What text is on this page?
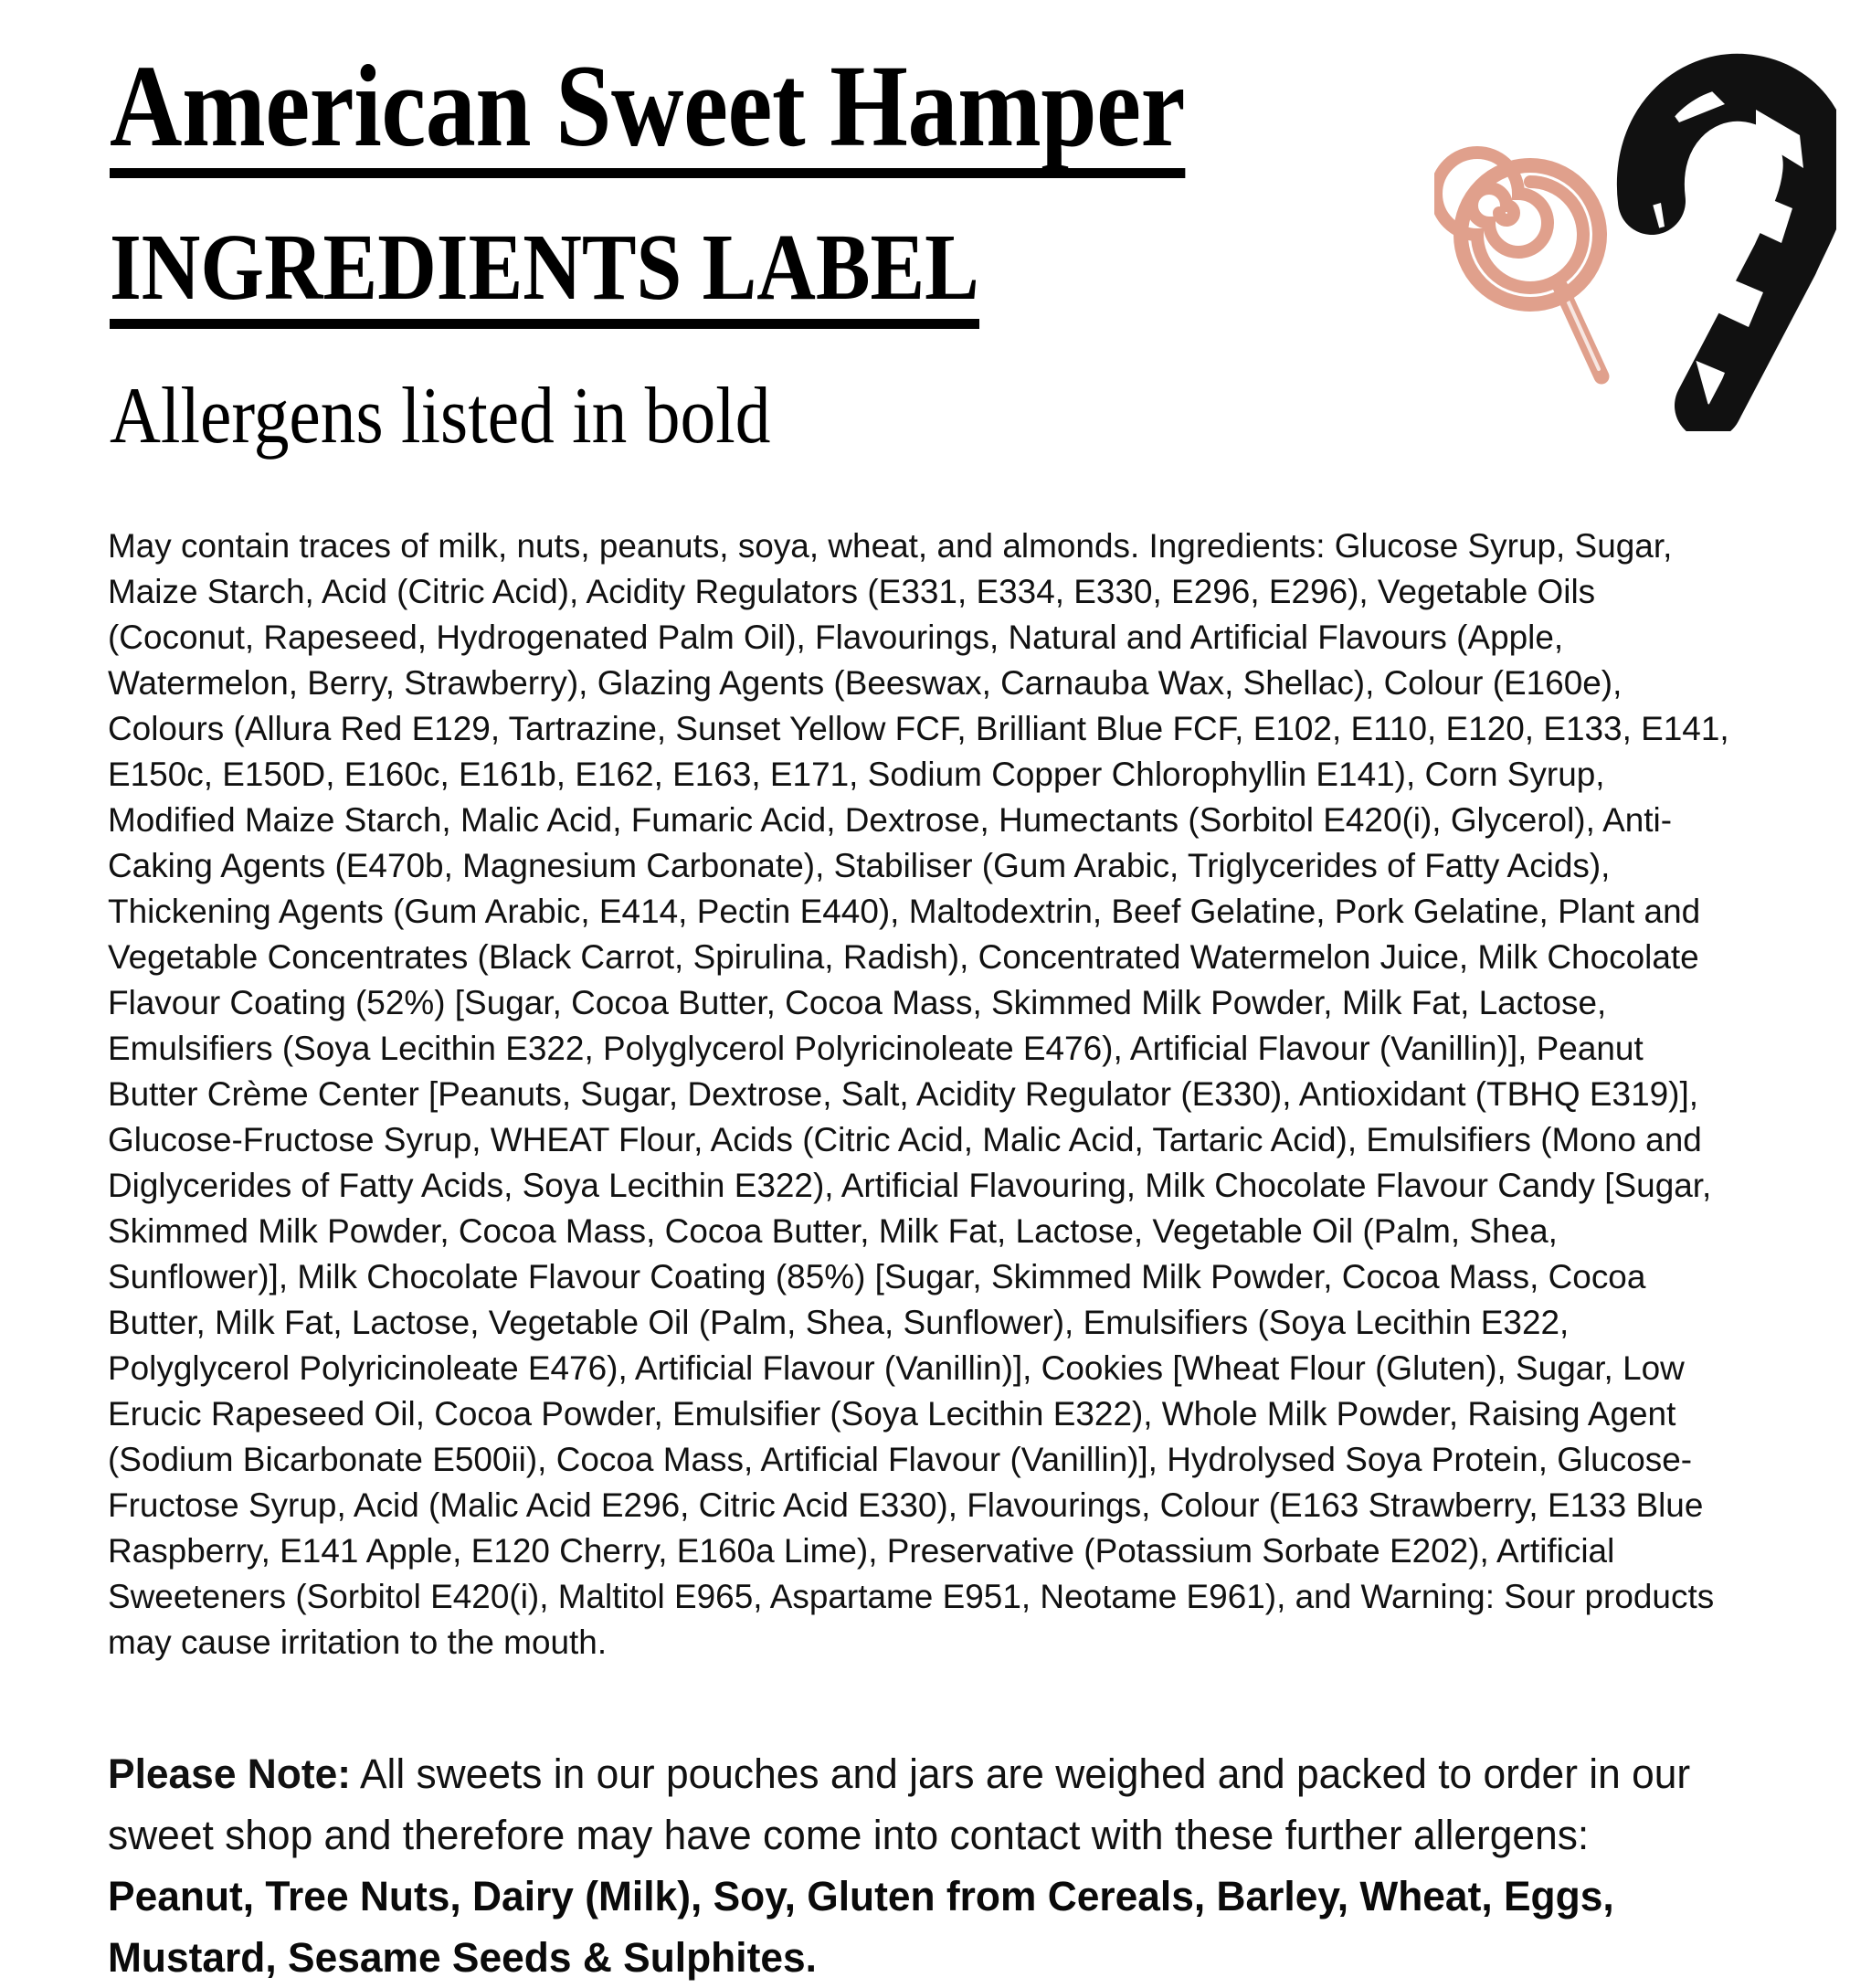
American Sweet Hamper
INGREDIENTS LABEL
Allergens listed in bold

May contain traces of milk, nuts, peanuts, soya, wheat, and almonds. Ingredients: Glucose Syrup, Sugar, Maize Starch, Acid (Citric Acid), Acidity Regulators (E331, E334, E330, E296, E296), Vegetable Oils (Coconut, Rapeseed, Hydrogenated Palm Oil), Flavourings, Natural and Artificial Flavours (Apple, Watermelon, Berry, Strawberry), Glazing Agents (Beeswax, Carnauba Wax, Shellac), Colour (E160e), Colours (Allura Red E129, Tartrazine, Sunset Yellow FCF, Brilliant Blue FCF, E102, E110, E120, E133, E141, E150c, E150D, E160c, E161b, E162, E163, E171, Sodium Copper Chlorophyllin E141), Corn Syrup, Modified Maize Starch, Malic Acid, Fumaric Acid, Dextrose, Humectants (Sorbitol E420(i), Glycerol), Anti-Caking Agents (E470b, Magnesium Carbonate), Stabiliser (Gum Arabic, Triglycerides of Fatty Acids), Thickening Agents (Gum Arabic, E414, Pectin E440), Maltodextrin, Beef Gelatine, Pork Gelatine, Plant and Vegetable Concentrates (Black Carrot, Spirulina, Radish), Concentrated Watermelon Juice, Milk Chocolate Flavour Coating (52%) [Sugar, Cocoa Butter, Cocoa Mass, Skimmed Milk Powder, Milk Fat, Lactose, Emulsifiers (Soya Lecithin E322, Polyglycerol Polyricinoleate E476), Artificial Flavour (Vanillin)], Peanut Butter Crème Center [Peanuts, Sugar, Dextrose, Salt, Acidity Regulator (E330), Antioxidant (TBHQ E319)], Glucose-Fructose Syrup, WHEAT Flour, Acids (Citric Acid, Malic Acid, Tartaric Acid), Emulsifiers (Mono and Diglycerides of Fatty Acids, Soya Lecithin E322), Artificial Flavouring, Milk Chocolate Flavour Candy [Sugar, Skimmed Milk Powder, Cocoa Mass, Cocoa Butter, Milk Fat, Lactose, Vegetable Oil (Palm, Shea, Sunflower)], Milk Chocolate Flavour Coating (85%) [Sugar, Skimmed Milk Powder, Cocoa Mass, Cocoa Butter, Milk Fat, Lactose, Vegetable Oil (Palm, Shea, Sunflower), Emulsifiers (Soya Lecithin E322, Polyglycerol Polyricinoleate E476), Artificial Flavour (Vanillin)], Cookies [Wheat Flour (Gluten), Sugar, Low Erucic Rapeseed Oil, Cocoa Powder, Emulsifier (Soya Lecithin E322), Whole Milk Powder, Raising Agent (Sodium Bicarbonate E500ii), Cocoa Mass, Artificial Flavour (Vanillin)], Hydrolysed Soya Protein, Glucose-Fructose Syrup, Acid (Malic Acid E296, Citric Acid E330), Flavourings, Colour (E163 Strawberry, E133 Blue Raspberry, E141 Apple, E120 Cherry, E160a Lime), Preservative (Potassium Sorbate E202), Artificial Sweeteners (Sorbitol E420(i), Maltitol E965, Aspartame E951, Neotame E961), and Warning: Sour products may cause irritation to the mouth.

Please Note: All sweets in our pouches and jars are weighed and packed to order in our sweet shop and therefore may have come into contact with these further allergens:

Peanut, Tree Nuts, Dairy (Milk), Soy, Gluten from Cereals, Barley, Wheat, Eggs, Mustard, Sesame Seeds & Sulphites.
